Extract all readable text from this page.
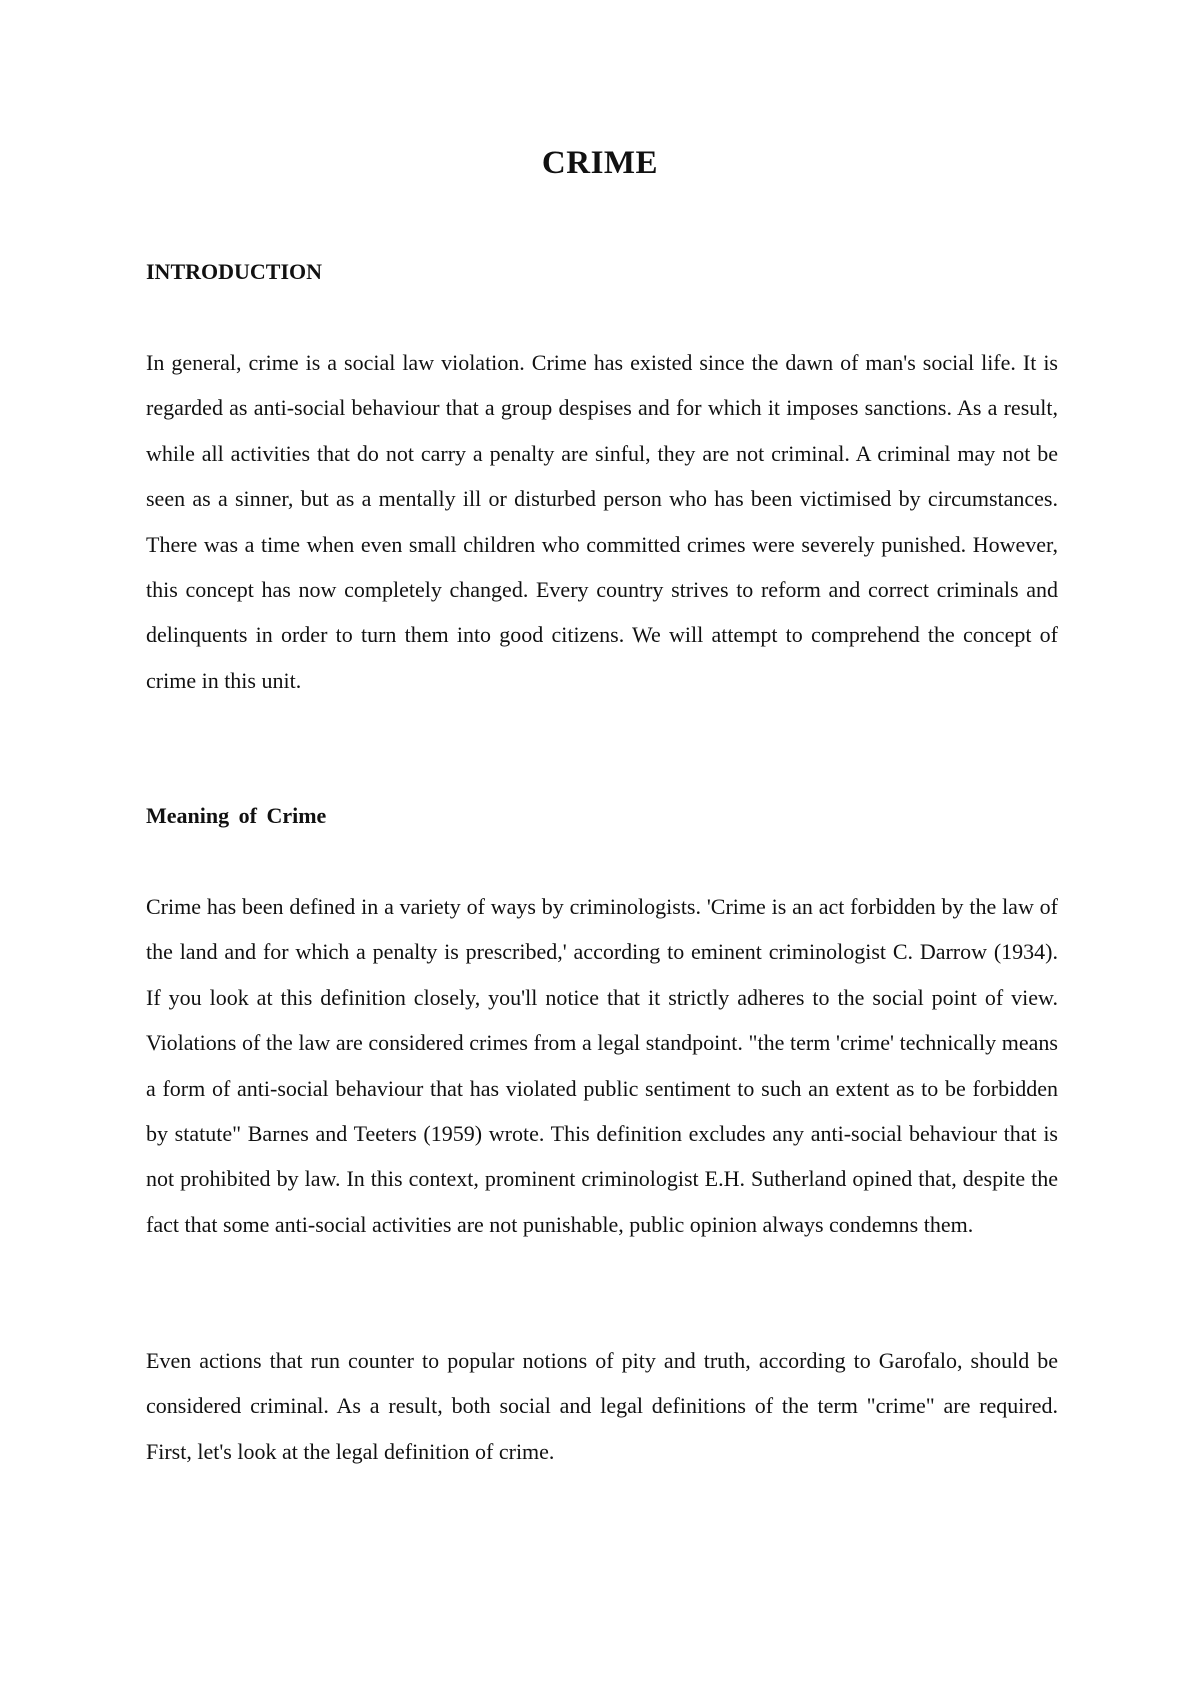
CRIME
INTRODUCTION

In general, crime is a social law violation. Crime has existed since the dawn of man's social life. It is regarded as anti-social behaviour that a group despises and for which it imposes sanctions. As a result, while all activities that do not carry a penalty are sinful, they are not criminal. A criminal may not be seen as a sinner, but as a mentally ill or disturbed person who has been victimised by circumstances. There was a time when even small children who committed crimes were severely punished. However, this concept has now completely changed. Every country strives to reform and correct criminals and delinquents in order to turn them into good citizens. We will attempt to comprehend the concept of crime in this unit.

Meaning of Crime

Crime has been defined in a variety of ways by criminologists. 'Crime is an act forbidden by the law of the land and for which a penalty is prescribed,' according to eminent criminologist C. Darrow (1934). If you look at this definition closely, you'll notice that it strictly adheres to the social point of view. Violations of the law are considered crimes from a legal standpoint. "the term 'crime' technically means a form of anti-social behaviour that has violated public sentiment to such an extent as to be forbidden by statute" Barnes and Teeters (1959) wrote. This definition excludes any anti-social behaviour that is not prohibited by law. In this context, prominent criminologist E.H. Sutherland opined that, despite the fact that some anti-social activities are not punishable, public opinion always condemns them.

Even actions that run counter to popular notions of pity and truth, according to Garofalo, should be considered criminal. As a result, both social and legal definitions of the term "crime" are required. First, let's look at the legal definition of crime.
